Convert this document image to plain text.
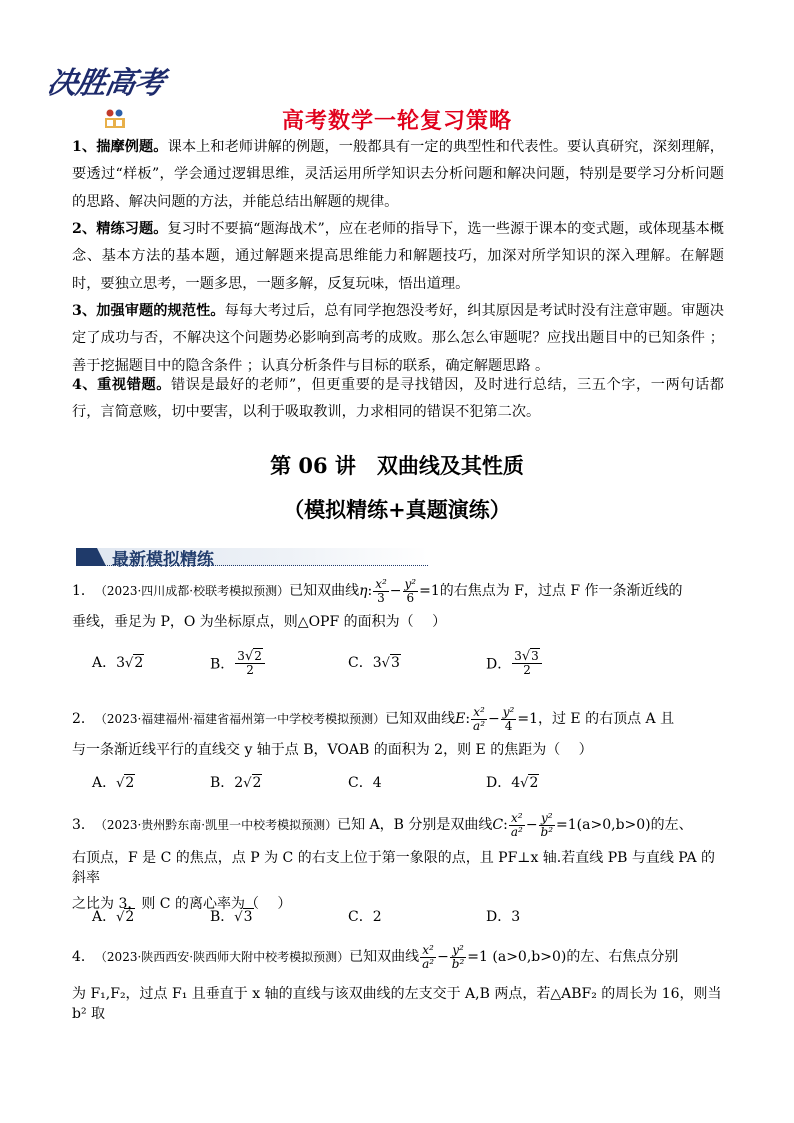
决胜高考
高考数学一轮复习策略
1、揣摩例题。课本上和老师讲解的例题，一般都具有一定的典型性和代表性。要认真研究，深刻理解，要透过“样板”，学会通过逻辑思维，灵活运用所学知识去分析问题和解决问题，特别是要学习分析问题的思路、解决问题的方法，并能总结出解题的规律。
2、精练习题。复习时不要搞“题海战术”，应在老师的指导下，选一些源于课本的变式题，或体现基本概念、基本方法的基本题，通过解题来提高思维能力和解题技巧，加深对所学知识的深入理解。在解题时，要独立思考，一题多思，一题多解，反复玩味，悟出道理。
3、加强审题的规范性。每每大考过后，总有同学抱怨没考好，纠其原因是考试时没有注意审题。审题决定了成功与否，不解决这个问题势必影响到高考的成败。那么怎么审题呢？应找出题目中的已知条件 ；善于挖掘题目中的隐含条件 ；认真分析条件与目标的联系，确定解题思路 。
4、重视错题。错误是最好的老师”，但更重要的是寻找错因，及时进行总结，三五个字，一两句话都行，言简意赅，切中要害，以利于吸取教训，力求相同的错误不犯第二次。
第 06 讲　双曲线及其性质
（模拟精练+真题演练）
最新模拟精练
1． （2023·四川成都·校联考模拟预测） 已知双曲线 η : $\frac{\text{x²}}{3} - \frac{\text{y²}}{6} =1$ 的右焦点为 F，过点 F 作一条渐近线的
垂线，垂足为 P，O 为坐标原点，则△OPF 的面积为（　 ）
A．3√2	B． $\frac{3√2}{2}$	C．3√3	D． $\frac{3√3}{2}$
2． （2023·福建福州·福建省福州第一中学校考模拟预测） 已知双曲线 E : $\frac{\text{x²}}{\text{a²}} - \frac{\text{y²}}{4} =1$ ，过 E 的右顶点 A 且
与一条渐近线平行的直线交 y 轴于点 B，VOAB 的面积为 2，则 E 的焦距为（　 ）
A．√2	B．2√2	C．4	D．4√2
3． （2023·贵州黔东南·凯里一中校考模拟预测） 已知 A，B 分别是双曲线 C : $\frac{\text{x²}}{\text{a²}} - \frac{\text{y²}}{\text{b²}} =1(a>0,b>0)$ 的左、
右顶点，F 是 C 的焦点，点 P 为 C 的右支上位于第一象限的点，且 PF⊥x 轴.若直线 PB 与直线 PA 的斜率
之比为 3，则 C 的离心率为（　 ）
A．√2	B．√3	C．2	D．3
4． （2023·陕西西安·陕西师大附中校考模拟预测） 已知双曲线 $\frac{\text{x²}}{\text{a²}} - \frac{\text{y²}}{\text{b²}} =1$ (a>0,b>0) 的左、右焦点分别
为 F₁,F₂，过点 F₁ 且垂直于 x 轴的直线与该双曲线的左支交于 A,B 两点，若△ABF₂ 的周长为 16，则当 b² 取
